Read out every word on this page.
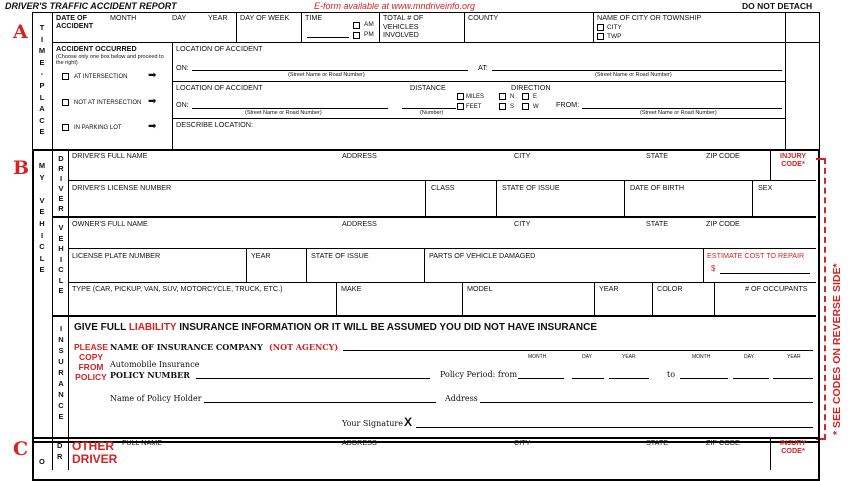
DRIVER'S TRAFFIC ACCIDENT REPORT	E-form available at www.mndriveinfo.org	DO NOT DETACH
A	T
I
M
E
-
P
L
A
C
E
DATE OF ACCIDENT
MONTH	DAY	YEAR DAY OF WEEK TIME
AM
PM
TOTAL # OF VEHICLES INVOLVED
COUNTY	NAME OF CITY OR TOWNSHIP
CITY
TWP
ACCIDENT OCCURRED
(Choose only one box below and proceed to the right)
AT INTERSECTION ➡
NOT AT INTERSECTION ➡
IN PARKING LOT	➡
LOCATION OF ACCIDENT
ON:
(Street Name or Road Number)
AT:
(Street Name or Road Number)
LOCATION OF ACCIDENT
ON:
(Street Name or Road Number)
DISTANCE
(Number)
MILES
FEET
DIRECTION
N	E
S	W FROM:
(Street Name or Road Number)
DESCRIBE LOCATION:
B M
Y
V
E
H
I
C
L
E
D
R
I
V
E
R
DRIVER'S FULL NAME	ADDRESS	CITY	STATE	ZIP CODE	INJURY CODE*
DRIVER'S LICENSE NUMBER	CLASS	STATE OF ISSUE	DATE OF BIRTH	SEX
V
E
H
I
C
L
E
OWNER'S FULL NAME	ADDRESS	CITY	STATE	ZIP CODE
LICENSE PLATE NUMBER	YEAR	STATE OF ISSUE	PARTS OF VEHICLE DAMAGED	ESTIMATE COST TO REPAIR
$
TYPE (CAR, PICKUP, VAN, SUV, MOTORCYCLE, TRUCK, ETC.)	MAKE	MODEL	YEAR	COLOR	# OF OCCUPANTS
I
N
S
U
R
A
N
C
E
GIVE FULL LIABILITY INSURANCE INFORMATION OR IT WILL BE ASSUMED YOU DID NOT HAVE INSURANCE
PLEASE
COPY
FROM
POLICY
NAME OF INSURANCE COMPANY (NOT AGENCY)
Automobile Insurance
POLICY NUMBER	Policy Period: from
MONTH	DAY	YEAR
to
MONTH	DAY	YEAR
Name of Policy Holder	Address
Your Signature X	* SEE CODES ON REVERSE SIDE*
C
O
D
R
OTHER
DRIVER
FULL NAME	ADDRESS	CITY	STATE	ZIP CODE	INJURY CODE*
